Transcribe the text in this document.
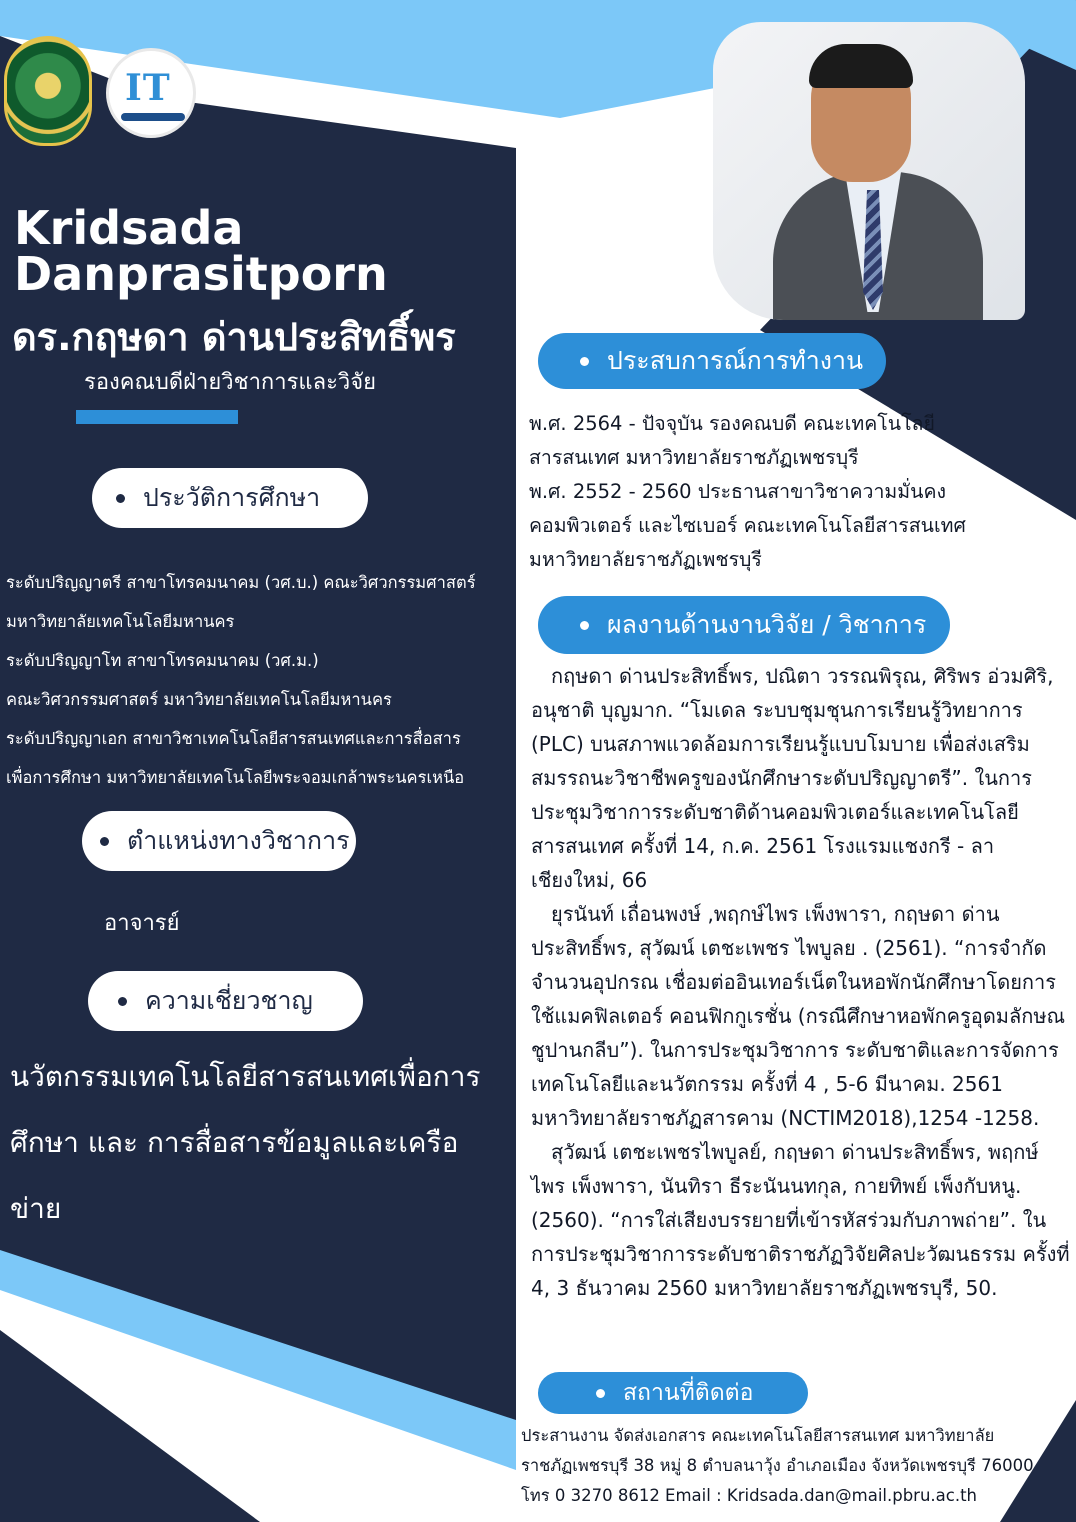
IT
Kridsada Danprasitporn
ดร.กฤษดา ด่านประสิทธิ์พร
รองคณบดีฝ่ายวิชาการและวิจัย
ประวัติการศึกษา

ระดับปริญญาตรี สาขาโทรคมนาคม (วศ.บ.) คณะวิศวกรรมศาสตร์

มหาวิทยาลัยเทคโนโลยีมหานคร

ระดับปริญญาโท สาขาโทรคมนาคม (วศ.ม.)

คณะวิศวกรรมศาสตร์ มหาวิทยาลัยเทคโนโลยีมหานคร

ระดับปริญญาเอก สาขาวิชาเทคโนโลยีสารสนเทศและการสื่อสาร

เพื่อการศึกษา มหาวิทยาลัยเทคโนโลยีพระจอมเกล้าพระนครเหนือ

ตำแหน่งทางวิชาการ
อาจารย์
ความเชี่ยวชาญ

นวัตกรรมเทคโนโลยีสารสนเทศเพื่อการ

ศึกษา และ การสื่อสารข้อมูลและเครือ

ข่าย

ประสบการณ์การทำงาน

พ.ศ. 2564 - ปัจจุบัน รองคณบดี คณะเทคโนโลยี

สารสนเทศ มหาวิทยาลัยราชภัฏเพชรบุรี

พ.ศ. 2552 - 2560 ประธานสาขาวิชาความมั่นคง

คอมพิวเตอร์ และไซเบอร์ คณะเทคโนโลยีสารสนเทศ

มหาวิทยาลัยราชภัฏเพชรบุรี

ผลงานด้านงานวิจัย / วิชาการ

กฤษดา ด่านประสิทธิ์พร, ปณิตา วรรณพิรุณ, ศิริพร อ่วมศิริ, อนุชาติ บุญมาก. “โมเดล ระบบชุมชุนการเรียนรู้วิทยาการ (PLC) บนสภาพแวดล้อมการเรียนรู้แบบโมบาย เพื่อส่งเสริม สมรรถนะวิชาชีพครูของนักศึกษาระดับปริญญาตรี”. ในการประชุมวิชาการระดับชาติด้านคอมพิวเตอร์และเทคโนโลยีสารสนเทศ ครั้งที่ 14, ก.ค. 2561 โรงแรมแชงกรี - ลา เชียงใหม่, 66

ยุรนันท์ เถื่อนพงษ์ ,พฤกษ์ไพร เพ็งพารา, กฤษดา ด่านประสิทธิ์พร, สุวัฒน์ เตชะเพชร ไพบูลย . (2561). “การจำกัดจำนวนอุปกรณ เชื่อมต่ออินเทอร์เน็ตในหอพักนักศึกษาโดยการใช้แมคฟิลเตอร์ คอนฟิกกูเรชั่น (กรณีศึกษาหอพักครูอุดมลักษณ ชูปานกลีบ”). ในการประชุมวิชาการ ระดับชาติและการจัดการเทคโนโลยีและนวัตกรรม ครั้งที่ 4 , 5-6 มีนาคม. 2561 มหาวิทยาลัยราชภัฏสารคาม (NCTIM2018),1254 -1258.

สุวัฒน์ เตชะเพชรไพบูลย์, กฤษดา ด่านประสิทธิ์พร, พฤกษ์ไพร เพ็งพารา, นันทิรา ธีระนันนทกุล, กายทิพย์ เพ็งกับหนู. (2560). “การใส่เสียงบรรยายที่เข้ารหัสร่วมกับภาพถ่าย”. ในการประชุมวิชาการระดับชาติราชภัฏวิจัยศิลปะวัฒนธรรม ครั้งที่ 4, 3 ธันวาคม 2560 มหาวิทยาลัยราชภัฏเพชรบุรี, 50.

สถานที่ติดต่อ

ประสานงาน จัดส่งเอกสาร คณะเทคโนโลยีสารสนเทศ มหาวิทยาลัย

ราชภัฏเพชรบุรี 38 หมู่ 8 ตำบลนาวุ้ง อำเภอเมือง จังหวัดเพชรบุรี 76000

โทร 0 3270 8612 Email : Kridsada.dan@mail.pbru.ac.th
